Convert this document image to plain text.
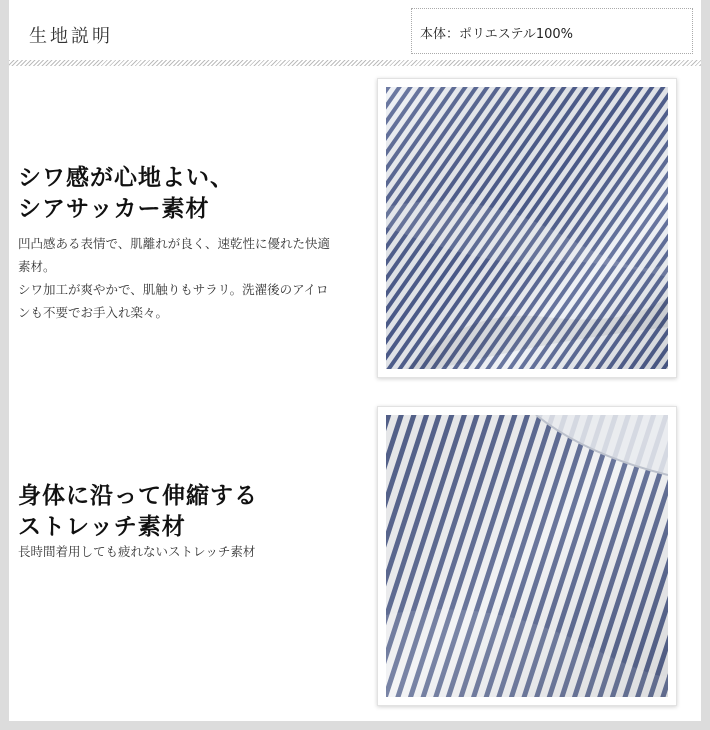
生地説明	本体：ポリエステル100%
シワ感が心地よい、
シアサッカー素材
凹凸感ある表情で、肌離れが良く、速乾性に優れた快適
素材。
シワ加工が爽やかで、肌触りもサラリ。洗濯後のアイロ
ンも不要でお手入れ楽々。
身体に沿って伸縮する
ストレッチ素材
長時間着用しても疲れないストレッチ素材
